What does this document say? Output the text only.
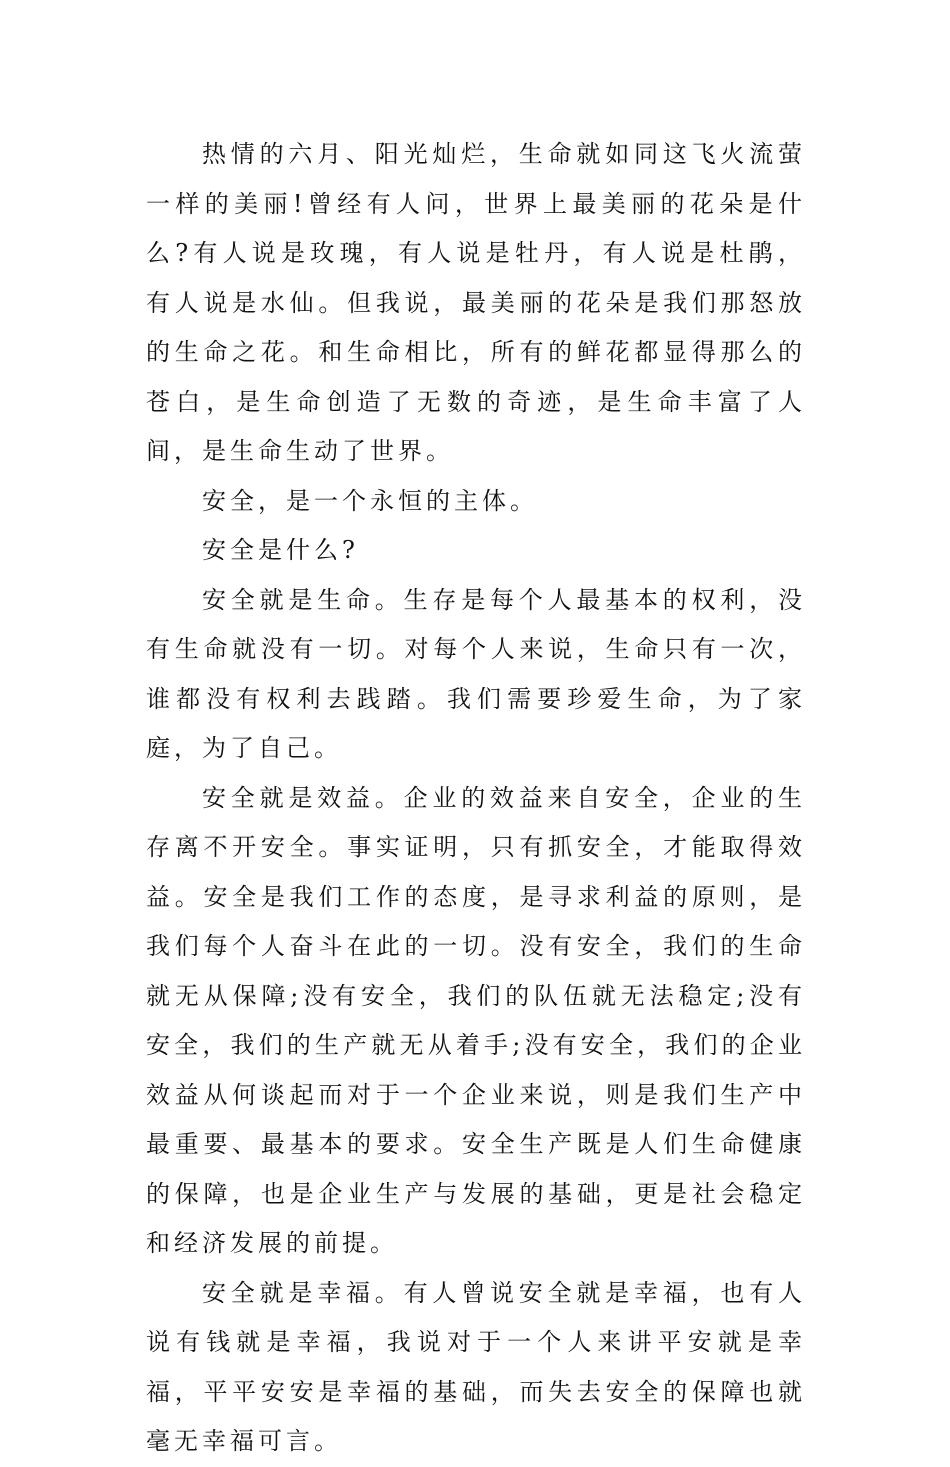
热情的六月、阳光灿烂，生命就如同这飞火流萤一样的美丽!曾经有人问，世界上最美丽的花朵是什么?有人说是玫瑰，有人说是牡丹，有人说是杜鹃，有人说是水仙。但我说，最美丽的花朵是我们那怒放的生命之花。和生命相比，所有的鲜花都显得那么的苍白，是生命创造了无数的奇迹，是生命丰富了人间，是生命生动了世界。

安全，是一个永恒的主体。

安全是什么?

安全就是生命。生存是每个人最基本的权利，没有生命就没有一切。对每个人来说，生命只有一次，谁都没有权利去践踏。我们需要珍爱生命，为了家庭，为了自己。

安全就是效益。企业的效益来自安全，企业的生存离不开安全。事实证明，只有抓安全，才能取得效益。安全是我们工作的态度，是寻求利益的原则，是我们每个人奋斗在此的一切。没有安全，我们的生命就无从保障;没有安全，我们的队伍就无法稳定;没有安全，我们的生产就无从着手;没有安全，我们的企业效益从何谈起而对于一个企业来说，则是我们生产中最重要、最基本的要求。安全生产既是人们生命健康的保障，也是企业生产与发展的基础，更是社会稳定和经济发展的前提。

安全就是幸福。有人曾说安全就是幸福，也有人说有钱就是幸福，我说对于一个人来讲平安就是幸福，平平安安是幸福的基础，而失去安全的保障也就毫无幸福可言。
